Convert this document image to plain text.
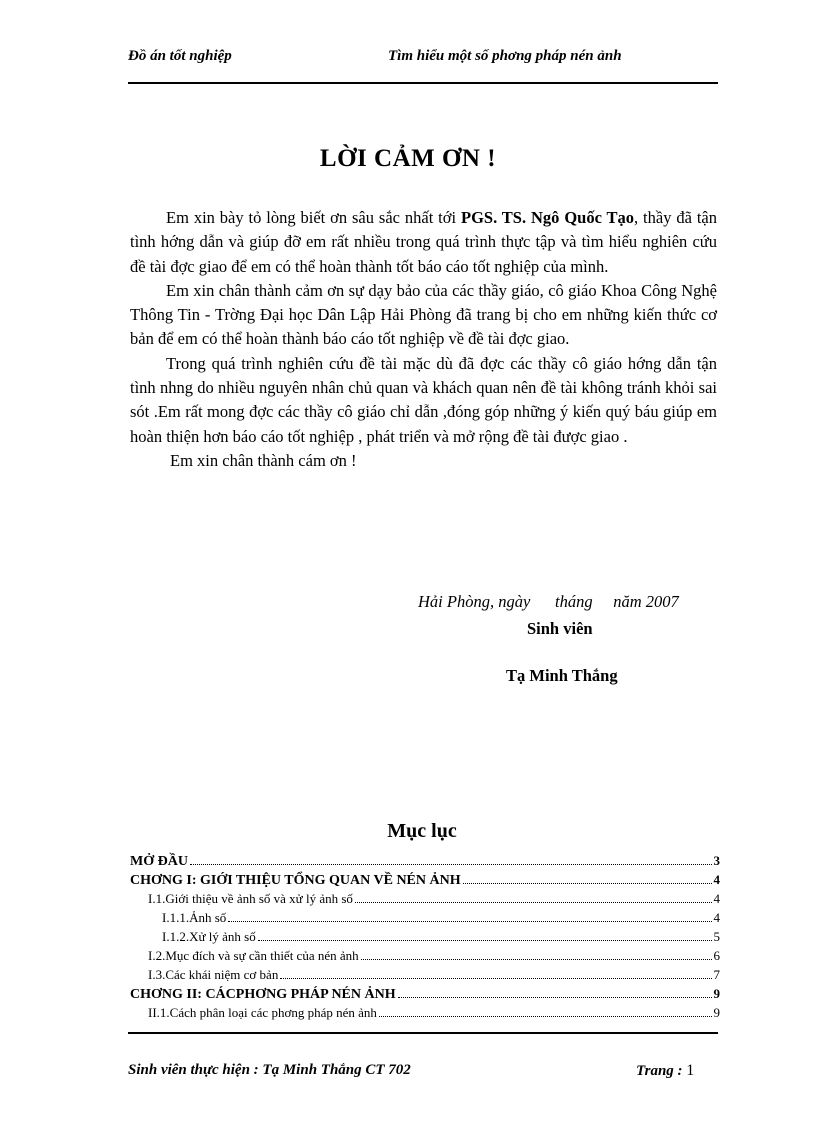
Đồ án tốt nghiệp	Tìm hiểu một số phơng pháp nén ảnh
LỜI CẢM ƠN !

Em xin bày tỏ lòng biết ơn sâu sắc nhất tới PGS. TS. Ngô Quốc Tạo, thầy đã tận tình hớng dẫn và giúp đỡ em rất nhiều trong quá trình thực tập và tìm hiểu nghiên cứu đề tài đợc giao để em có thể hoàn thành tốt báo cáo tốt nghiệp của mình.

Em xin chân thành cảm ơn sự dạy bảo của các thầy giáo, cô giáo Khoa Công Nghệ Thông Tin - Trờng Đại học Dân Lập Hải Phòng đã trang bị cho em những kiến thức cơ bản để em có thể hoàn thành báo cáo tốt nghiệp về đề tài đợc giao.

Trong quá trình nghiên cứu đề tài mặc dù đã đợc các thầy cô giáo hớng dẫn tận tình nhng do nhiều nguyên nhân chủ quan và khách quan nên đề tài không tránh khỏi sai sót .Em rất mong đợc các thầy cô giáo chỉ dẫn ,đóng góp những ý kiến quý báu giúp em hoàn thiện hơn báo cáo tốt nghiệp , phát triển và mở rộng đề tài được giao .

Em xin chân thành cám ơn !

Hải Phòng, ngày      tháng     năm 2007
Sinh viên
Tạ Minh Thắng
Mục lục
MỞ ĐẦU	3
CHƠNG I: GIỚI THIỆU TỔNG QUAN VỀ NÉN ẢNH	4
I.1.Giới thiệu về ảnh số và xử lý ảnh số	4
I.1.1.Ảnh số	4
I.1.2.Xử lý ảnh số	5
I.2.Mục đích và sự cần thiết của nén ảnh	6
I.3.Các khái niệm cơ bản	7
CHƠNG II: CÁCPHƠNG PHÁP NÉN ẢNH	9
II.1.Cách phân loại các phơng pháp nén ảnh	9
Sinh viên thực hiện : Tạ Minh Thắng CT 702	Trang : 1
